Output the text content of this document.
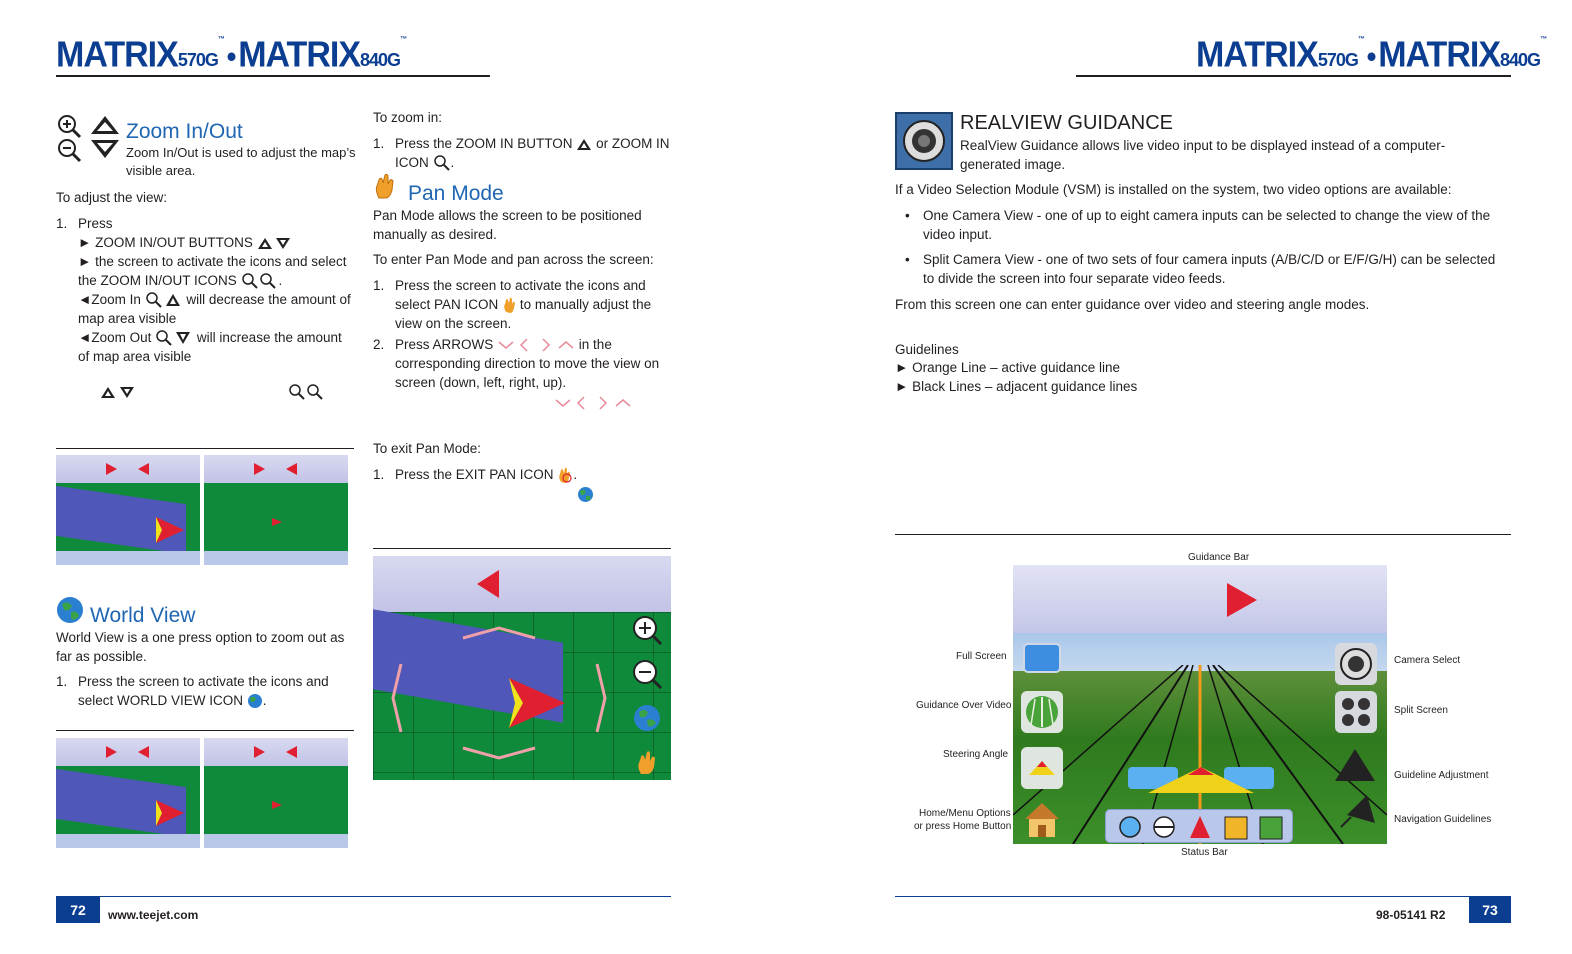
MATRIX570G™ • MATRIX840G™	MATRIX570G™ • MATRIX840G™
Zoom In/Out
Zoom In/Out is used to adjust the map’s visible area.
To adjust the view:
1. Press
► ZOOM IN/OUT BUTTONS
► the screen to activate the icons and select the ZOOM IN/OUT ICONS	.
◄Zoom In	will decrease the amount of map area visible
◄Zoom Out	will increase the amount of map area visible
World View
World View is a one press option to zoom out as far as possible.
1. Press the screen to activate the icons and select WORLD VIEW ICON .
To zoom in:
1. Press the ZOOM IN BUTTON or ZOOM IN ICON .
Pan Mode
Pan Mode allows the screen to be positioned manually as desired.
To enter Pan Mode and pan across the screen:
1. Press the screen to activate the icons and select PAN ICON to manually adjust the view on the screen.
2. Press ARROWS	in the corresponding direction to move the view on screen (down, left, right, up).
To exit Pan Mode:
1. Press the EXIT PAN ICON .
REALVIEW GUIDANCE
RealView Guidance allows live video input to be displayed instead of a computer-generated image.
If a Video Selection Module (VSM) is installed on the system, two video options are available:
• One Camera View - one of up to eight camera inputs can be selected to change the view of the video input.
• Split Camera View - one of two sets of four camera inputs (A/B/C/D or E/F/G/H) can be selected to divide the screen into four separate video feeds.
From this screen one can enter guidance over video and steering angle modes.
Guidelines
► Orange Line – active guidance line
► Black Lines – adjacent guidance lines
Guidance Bar
Full Screen
Guidance Over Video
Steering Angle
Home/Menu Options
or press Home Button
Status Bar
Camera Select
Split Screen
Guideline Adjustment
Navigation Guidelines
72	www.teejet.com	98-05141 R2	73
